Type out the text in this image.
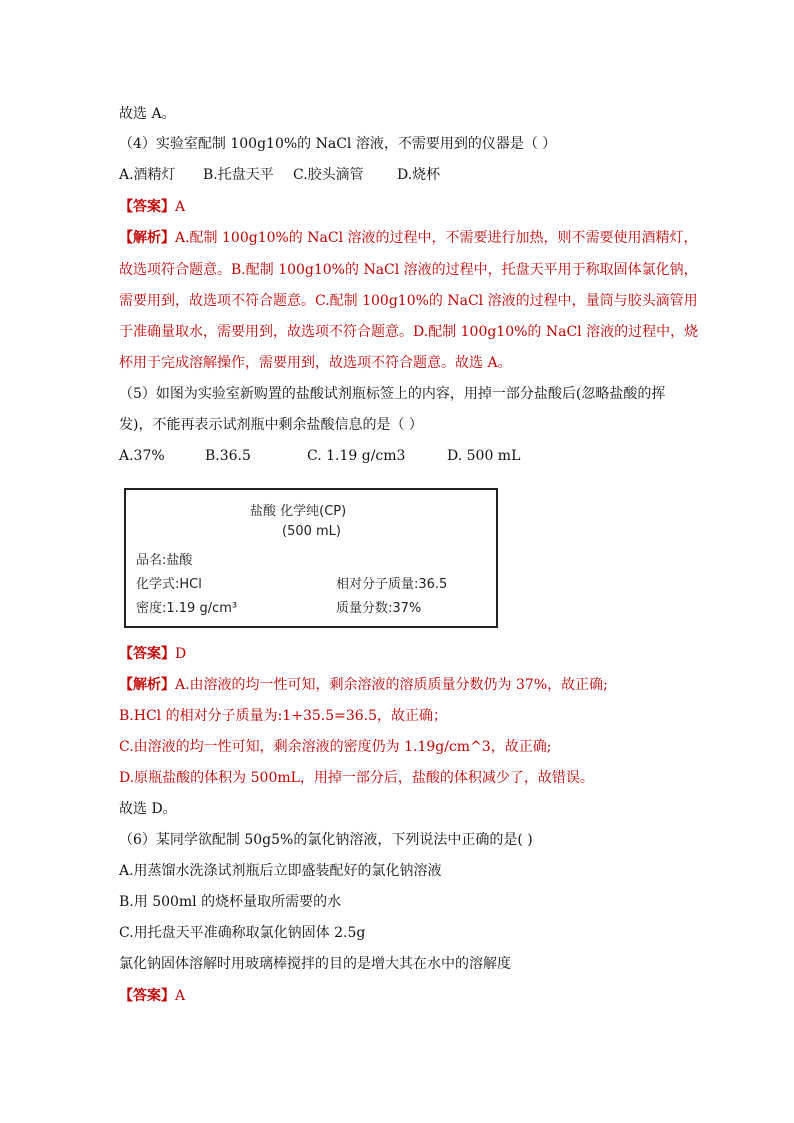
故选 A。
（4）实验室配制 100g10%的 NaCl 溶液，不需要用到的仪器是（ ）
A.酒精灯 B.托盘天平 C.胶头滴管 D.烧杯
【答案】A
【解析】A.配制 100g10%的 NaCl 溶液的过程中，不需要进行加热，则不需要使用酒精灯，
故选项符合题意。B.配制 100g10%的 NaCl 溶液的过程中，托盘天平用于称取固体氯化钠，
需要用到，故选项不符合题意。C.配制 100g10%的 NaCl 溶液的过程中，量筒与胶头滴管用
于准确量取水，需要用到，故选项不符合题意。D.配制 100g10%的 NaCl 溶液的过程中，烧
杯用于完成溶解操作，需要用到，故选项不符合题意。故选 A。
（5）如图为实验室新购置的盐酸试剂瓶标签上的内容，用掉一部分盐酸后(忽略盐酸的挥
发)，不能再表示试剂瓶中剩余盐酸信息的是（ ）
A.37%	B.36.5	C. 1.19 g/cm3	D. 500 mL
盐酸 化学纯(CP)
(500 mL)
品名:盐酸
化学式:HCl	相对分子质量:36.5
密度:1.19 g/cm³	质量分数:37%
【答案】D
【解析】A.由溶液的均一性可知，剩余溶液的溶质质量分数仍为 37%，故正确;
B.HCl 的相对分子质量为:1+35.5=36.5，故正确；
C.由溶液的均一性可知，剩余溶液的密度仍为 1.19g/cm^3，故正确;
D.原瓶盐酸的体积为 500mL，用掉一部分后，盐酸的体积减少了，故错误。
故选 D。
（6）某同学欲配制 50g5%的氯化钠溶液，下列说法中正确的是( )
A.用蒸馏水洗涤试剂瓶后立即盛装配好的氯化钠溶液
B.用 500ml 的烧杯量取所需要的水
C.用托盘天平准确称取氯化钠固体 2.5g
氯化钠固体溶解时用玻璃棒搅拌的目的是增大其在水中的溶解度
【答案】A
